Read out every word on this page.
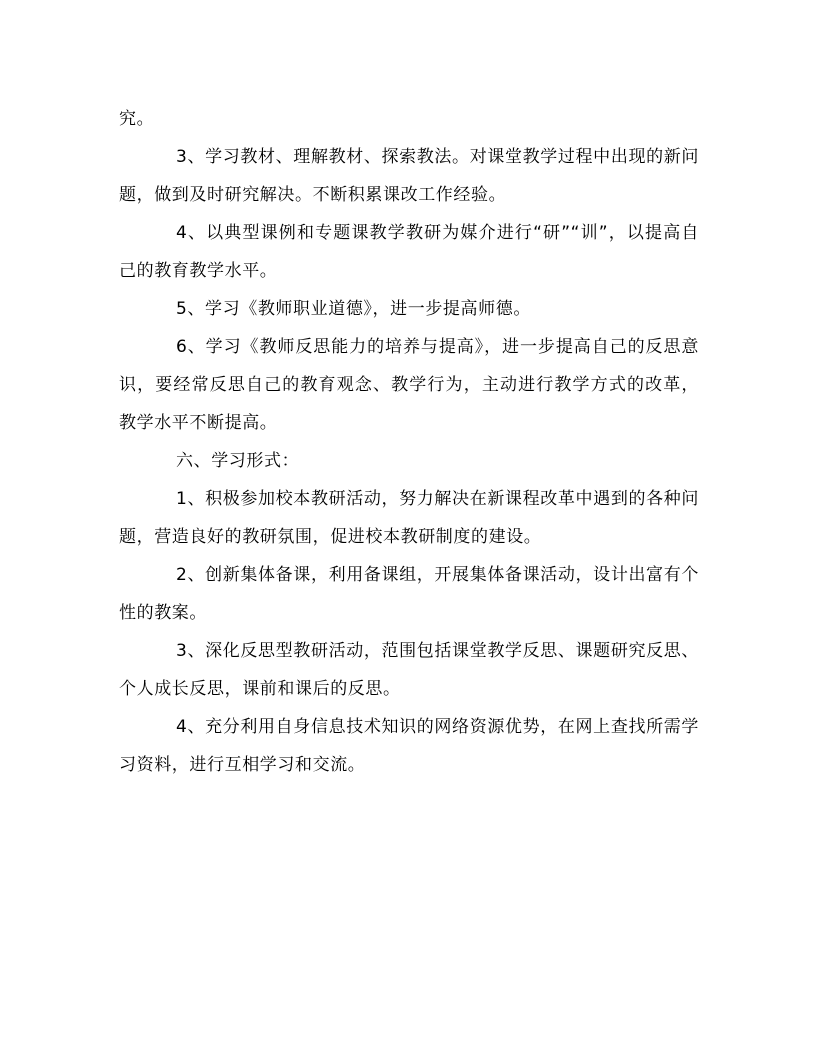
究。

3、学习教材、理解教材、探索教法。对课堂教学过程中出现的新问题，做到及时研究解决。不断积累课改工作经验。

4、以典型课例和专题课教学教研为媒介进行“研”“训”，以提高自己的教育教学水平。

5、学习《教师职业道德》，进一步提高师德。

6、学习《教师反思能力的培养与提高》，进一步提高自己的反思意识，要经常反思自己的教育观念、教学行为，主动进行教学方式的改革，教学水平不断提高。

六、学习形式：

1、积极参加校本教研活动，努力解决在新课程改革中遇到的各种问题，营造良好的教研氛围，促进校本教研制度的建设。

2、创新集体备课，利用备课组，开展集体备课活动，设计出富有个性的教案。

3、深化反思型教研活动，范围包括课堂教学反思、课题研究反思、个人成长反思，课前和课后的反思。

4、充分利用自身信息技术知识的网络资源优势，在网上查找所需学习资料，进行互相学习和交流。
